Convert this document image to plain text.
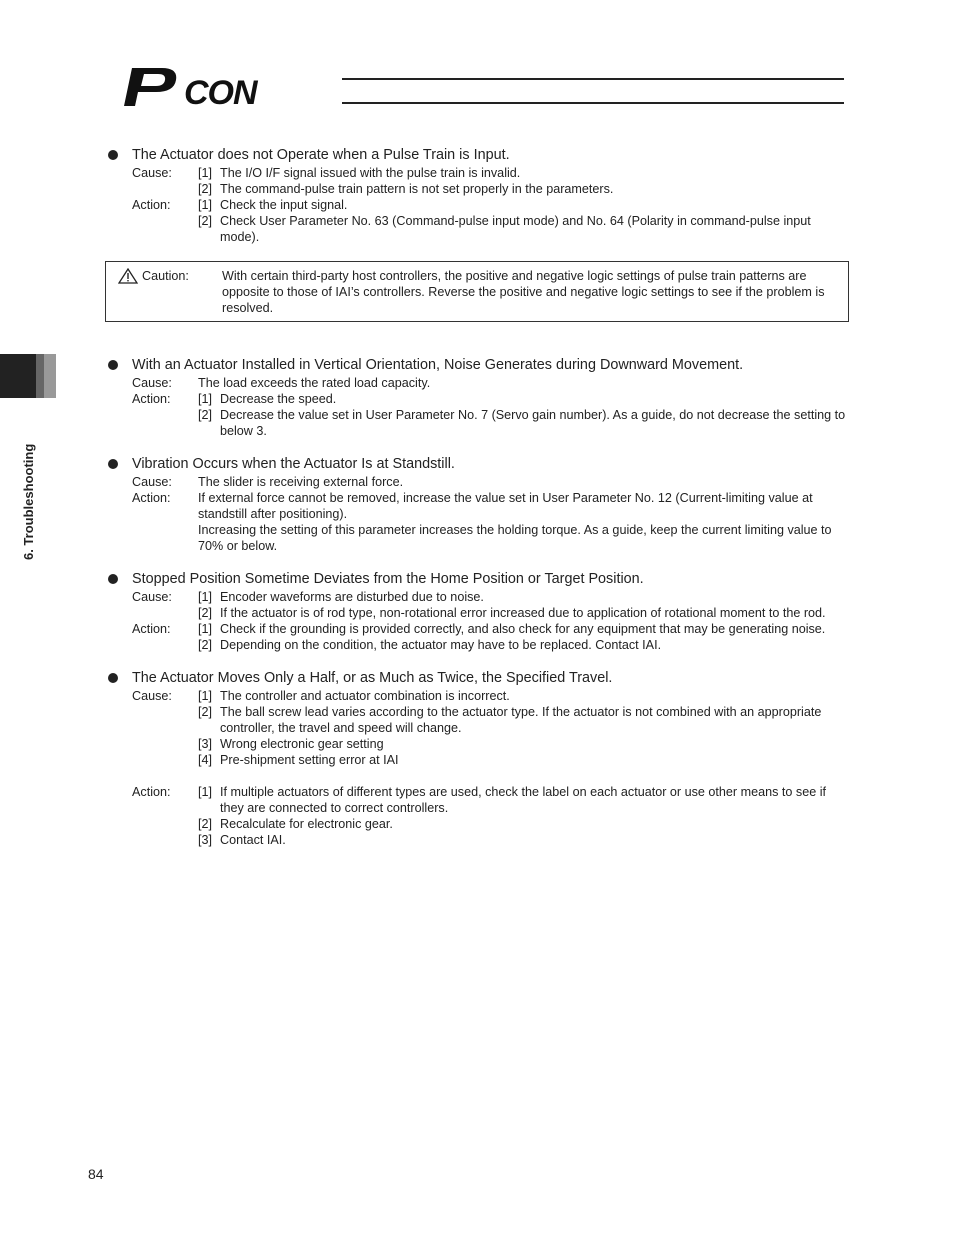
CON
6. Troubleshooting
The Actuator does not Operate when a Pulse Train is Input.
Cause:	[1] The I/O I/F signal issued with the pulse train is invalid.
[2] The command-pulse train pattern is not set properly in the parameters.
Action:	[1] Check the input signal.
[2] Check User Parameter No. 63 (Command-pulse input mode) and No. 64 (Polarity in command-pulse input mode).
With an Actuator Installed in Vertical Orientation, Noise Generates during Downward Movement.
Cause:	The load exceeds the rated load capacity.
Action:	[1] Decrease the speed.
[2] Decrease the value set in User Parameter No. 7 (Servo gain number). As a guide, do not decrease the setting to below 3.
Vibration Occurs when the Actuator Is at Standstill.
Cause:	The slider is receiving external force.
Action:	If external force cannot be removed, increase the value set in User Parameter No. 12 (Current-limiting value at standstill after positioning).
Increasing the setting of this parameter increases the holding torque. As a guide, keep the current limiting value to 70% or below.
Stopped Position Sometime Deviates from the Home Position or Target Position.
Cause:	[1] Encoder waveforms are disturbed due to noise.
[2] If the actuator is of rod type, non-rotational error increased due to application of rotational moment to the rod.
Action:	[1] Check if the grounding is provided correctly, and also check for any equipment that may be generating noise.
[2] Depending on the condition, the actuator may have to be replaced. Contact IAI.
The Actuator Moves Only a Half, or as Much as Twice, the Specified Travel.
Cause:	[1] The controller and actuator combination is incorrect.
[2] The ball screw lead varies according to the actuator type. If the actuator is not combined with an appropriate controller, the travel and speed will change.
[3] Wrong electronic gear setting
[4] Pre-shipment setting error at IAI
Action:	[1] If multiple actuators of different types are used, check the label on each actuator or use other means to see if they are connected to correct controllers.
[2] Recalculate for electronic gear.
[3] Contact IAI.
Caution:	With certain third-party host controllers, the positive and negative logic settings of pulse train patterns are opposite to those of IAI’s controllers. Reverse the positive and negative logic settings to see if the problem is resolved.
84
